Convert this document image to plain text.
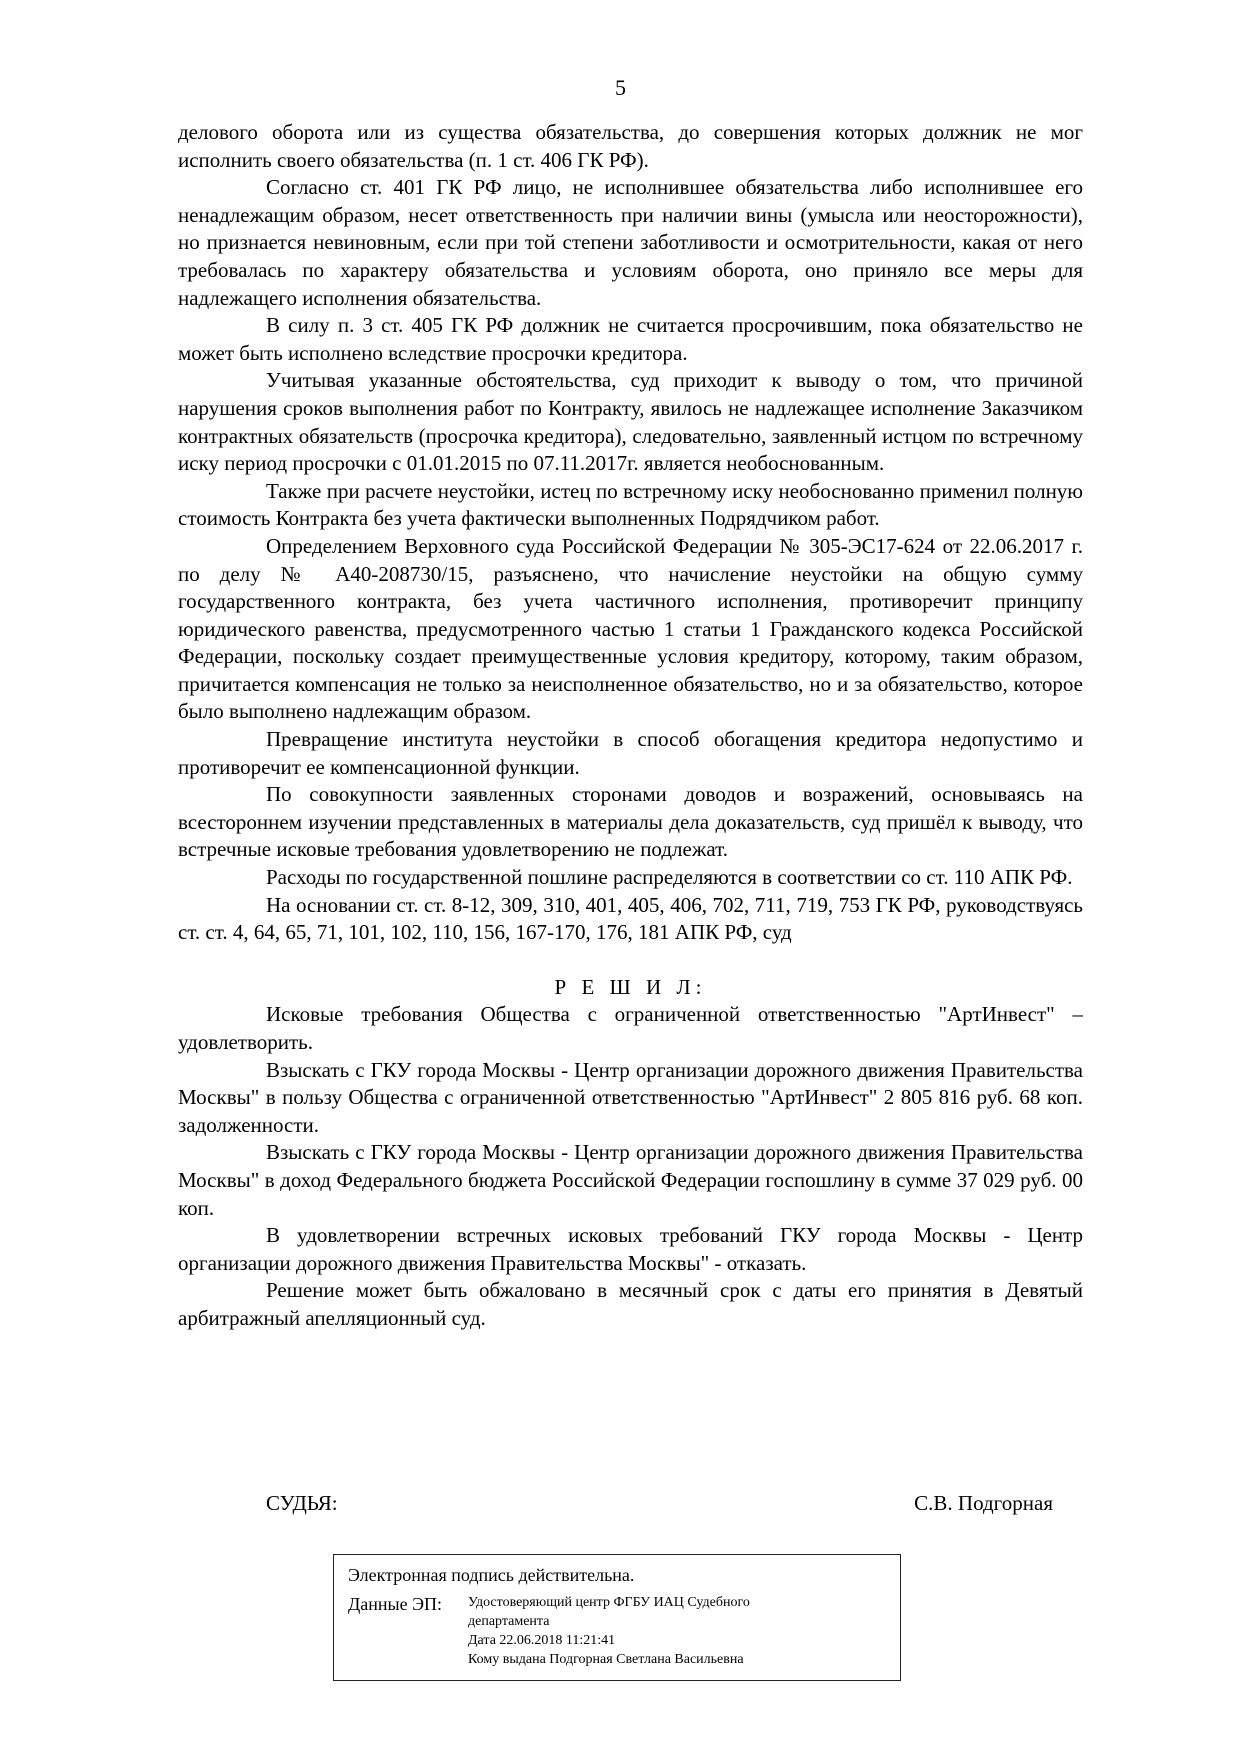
5

делового оборота или из существа обязательства, до совершения которых должник не мог исполнить своего обязательства (п. 1 ст. 406 ГК РФ).

Согласно ст. 401 ГК РФ лицо, не исполнившее обязательства либо исполнившее его ненадлежащим образом, несет ответственность при наличии вины (умысла или неосторожности), но признается невиновным, если при той степени заботливости и осмотрительности, какая от него требовалась по характеру обязательства и условиям оборота, оно приняло все меры для надлежащего исполнения обязательства.

В силу п. 3 ст. 405 ГК РФ должник не считается просрочившим, пока обязательство не может быть исполнено вследствие просрочки кредитора.

Учитывая указанные обстоятельства, суд приходит к выводу о том, что причиной нарушения сроков выполнения работ по Контракту, явилось не надлежащее исполнение Заказчиком контрактных обязательств (просрочка кредитора), следовательно, заявленный истцом по встречному иску период просрочки с 01.01.2015 по 07.11.2017г. является необоснованным.

Также при расчете неустойки, истец по встречному иску необоснованно применил полную стоимость Контракта без учета фактически выполненных Подрядчиком работ.

Определением Верховного суда Российской Федерации № 305-ЭС17-624 от 22.06.2017 г. по делу № А40-208730/15, разъяснено, что начисление неустойки на общую сумму государственного контракта, без учета частичного исполнения, противоречит принципу юридического равенства, предусмотренного частью 1 статьи 1 Гражданского кодекса Российской Федерации, поскольку создает преимущественные условия кредитору, которому, таким образом, причитается компенсация не только за неисполненное обязательство, но и за обязательство, которое было выполнено надлежащим образом.

Превращение института неустойки в способ обогащения кредитора недопустимо и противоречит ее компенсационной функции.

По совокупности заявленных сторонами доводов и возражений, основываясь на всестороннем изучении представленных в материалы дела доказательств, суд пришёл к выводу, что встречные исковые требования удовлетворению не подлежат.

Расходы по государственной пошлине распределяются в соответствии со ст. 110 АПК РФ.

На основании ст. ст. 8-12, 309, 310, 401, 405, 406, 702, 711, 719, 753 ГК РФ, руководствуясь ст. ст. 4, 64, 65, 71, 101, 102, 110, 156, 167-170, 176, 181 АПК РФ, суд

Р Е Ш И Л:

Исковые требования Общества с ограниченной ответственностью "АртИнвест" – удовлетворить.

Взыскать с ГКУ города Москвы - Центр организации дорожного движения Правительства Москвы" в пользу Общества с ограниченной ответственностью "АртИнвест" 2 805 816 руб. 68 коп. задолженности.

Взыскать с ГКУ города Москвы - Центр организации дорожного движения Правительства Москвы" в доход Федерального бюджета Российской Федерации госпошлину в сумме 37 029 руб. 00 коп.

В удовлетворении встречных исковых требований ГКУ города Москвы - Центр организации дорожного движения Правительства Москвы" - отказать.

Решение может быть обжаловано в месячный срок с даты его принятия в Девятый арбитражный апелляционный суд.

СУДЬЯ:	С.В. Подгорная
Электронная подпись действительна.
Данные ЭП:	Удостоверяющий центр ФГБУ ИАЦ Судебного
департамента
Дата 22.06.2018 11:21:41
Кому выдана Подгорная Светлана Васильевна
